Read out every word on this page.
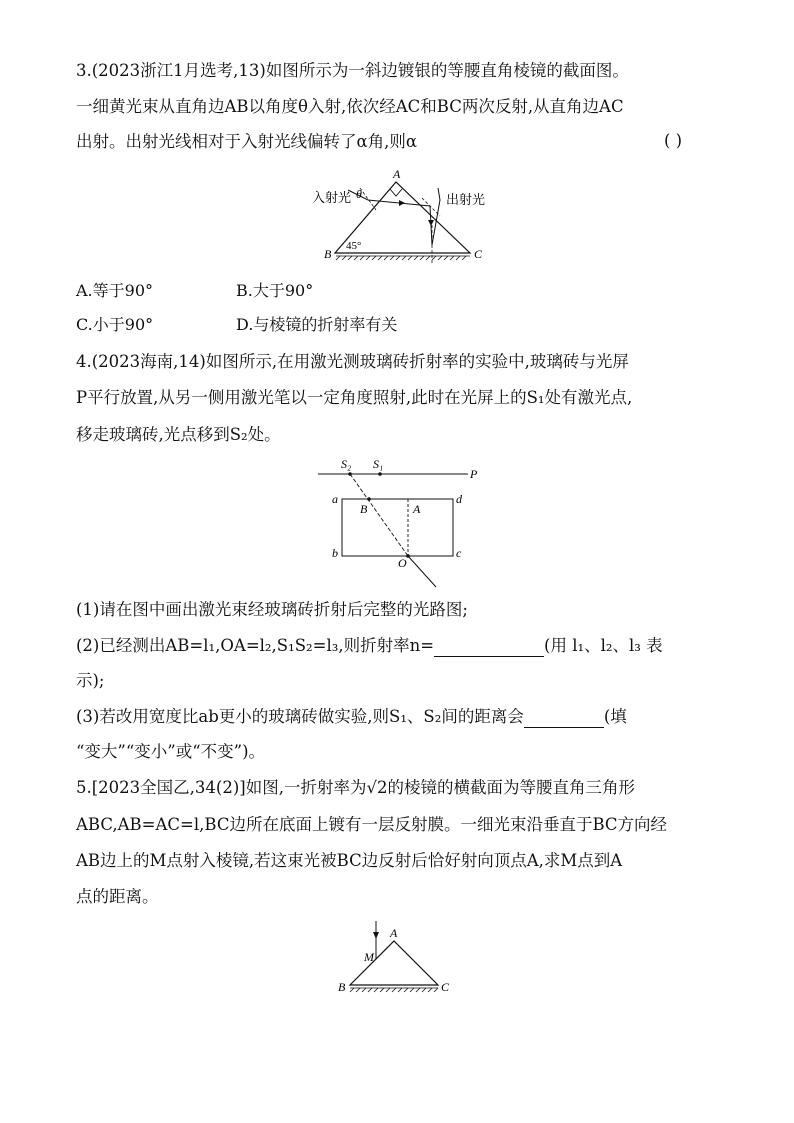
3.(2023浙江1月选考,13)如图所示为一斜边镀银的等腰直角棱镜的截面图。
一细黄光束从直角边AB以角度θ入射,依次经AC和BC两次反射,从直角边AC
出射。出射光线相对于入射光线偏转了α角,则α	( )
入射光	出射光
θ
45°
A
B	C
A.等于90°	B.大于90°
C.小于90°	D.与棱镜的折射率有关
4.(2023海南,14)如图所示,在用激光测玻璃砖折射率的实验中,玻璃砖与光屏
P平行放置,从另一侧用激光笔以一定角度照射,此时在光屏上的S₁处有激光点,
移走玻璃砖,光点移到S₂处。
S₂ S₁
P
a
b	c
d
B	A
O
(1)请在图中画出激光束经玻璃砖折射后完整的光路图;
(2)已经测出AB=l₁,OA=l₂,S₁S₂=l₃,则折射率n=	(用 l₁、l₂、l₃ 表
示);
(3)若改用宽度比ab更小的玻璃砖做实验,则S₁、S₂间的距离会	(填
“变大”“变小”或“不变”)。
5.[2023全国乙,34(2)]如图,一折射率为√2的棱镜的横截面为等腰直角三角形
ABC,AB=AC=l,BC边所在底面上镀有一层反射膜。一细光束沿垂直于BC方向经
AB边上的M点射入棱镜,若这束光被BC边反射后恰好射向顶点A,求M点到A
点的距离。
A
B	C
M
